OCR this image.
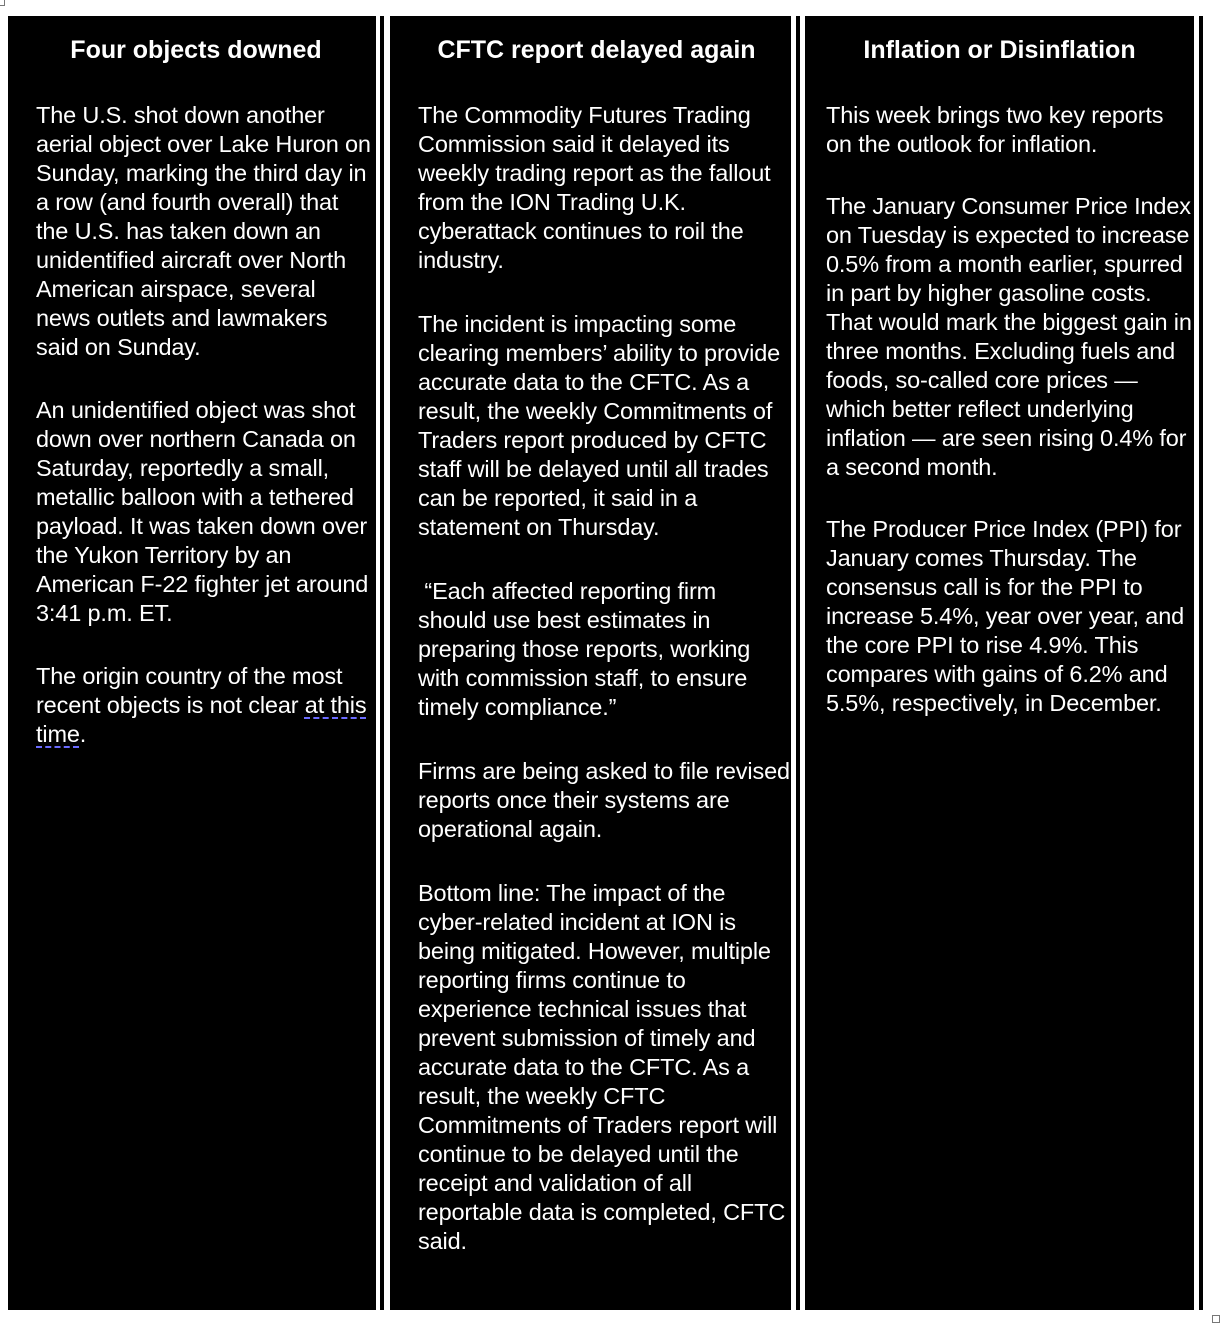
Four objects downed

The U.S. shot down another aerial object over Lake Huron on Sunday, marking the third day in a row (and fourth overall) that the U.S. has taken down an unidentified aircraft over North American airspace, several news outlets and lawmakers said on Sunday.

An unidentified object was shot down over northern Canada on Saturday, reportedly a small, metallic balloon with a tethered payload. It was taken down over the Yukon Territory by an American F-22 fighter jet around 3:41 p.m. ET.

The origin country of the most recent objects is not clear at this time.

CFTC report delayed again

The Commodity Futures Trading Commission said it delayed its weekly trading report as the fallout from the ION Trading U.K. cyberattack continues to roil the industry.

The incident is impacting some clearing members’ ability to provide accurate data to the CFTC. As a result, the weekly Commitments of Traders report produced by CFTC staff will be delayed until all trades can be reported, it said in a statement on Thursday.

“Each affected reporting firm should use best estimates in preparing those reports, working with commission staff, to ensure timely compliance.”

Firms are being asked to file revised reports once their systems are operational again.

Bottom line: The impact of the cyber-related incident at ION is being mitigated. However, multiple reporting firms continue to experience technical issues that prevent submission of timely and accurate data to the CFTC. As a result, the weekly CFTC Commitments of Traders report will continue to be delayed until the receipt and validation of all reportable data is completed, CFTC said.

Inflation or Disinflation

This week brings two key reports on the outlook for inflation.

The January Consumer Price Index on Tuesday is expected to increase 0.5% from a month earlier, spurred in part by higher gasoline costs. That would mark the biggest gain in three months. Excluding fuels and foods, so-called core prices — which better reflect underlying inflation — are seen rising 0.4% for a second month.

The Producer Price Index (PPI) for January comes Thursday. The consensus call is for the PPI to increase 5.4%, year over year, and the core PPI to rise 4.9%. This compares with gains of 6.2% and 5.5%, respectively, in December.
